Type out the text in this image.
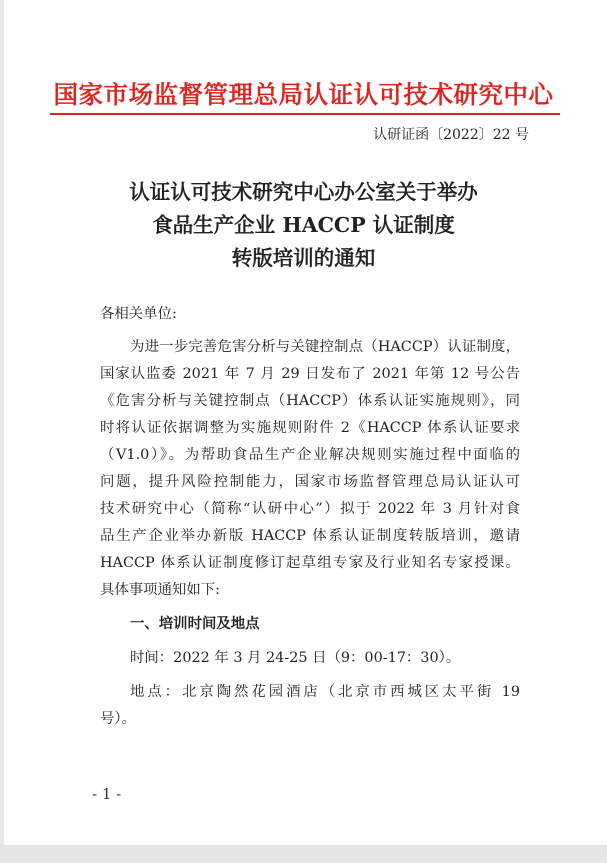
国家市场监督管理总局认证认可技术研究中心
认研证函〔2022〕22 号
认证认可技术研究中心办公室关于举办
食品生产企业 HACCP 认证制度
转版培训的通知
各相关单位:
为进一步完善危害分析与关键控制点（HACCP）认证制度，
国家认监委 2021 年 7 月 29 日发布了 2021 年第 12 号公告
《危害分析与关键控制点（HACCP）体系认证实施规则》，同
时将认证依据调整为实施规则附件 2《HACCP 体系认证要求
（V1.0）》。为帮助食品生产企业解决规则实施过程中面临的
问题，提升风险控制能力，国家市场监督管理总局认证认可
技术研究中心（简称“认研中心”）拟于 2022 年 3 月针对食
品生产企业举办新版 HACCP 体系认证制度转版培训，邀请
HACCP 体系认证制度修订起草组专家及行业知名专家授课。
具体事项通知如下:
一、培训时间及地点
时间：2022 年 3 月 24-25 日（9：00-17：30）。
地点：北京陶然花园酒店（北京市西城区太平街 19
号）。
- 1 -
